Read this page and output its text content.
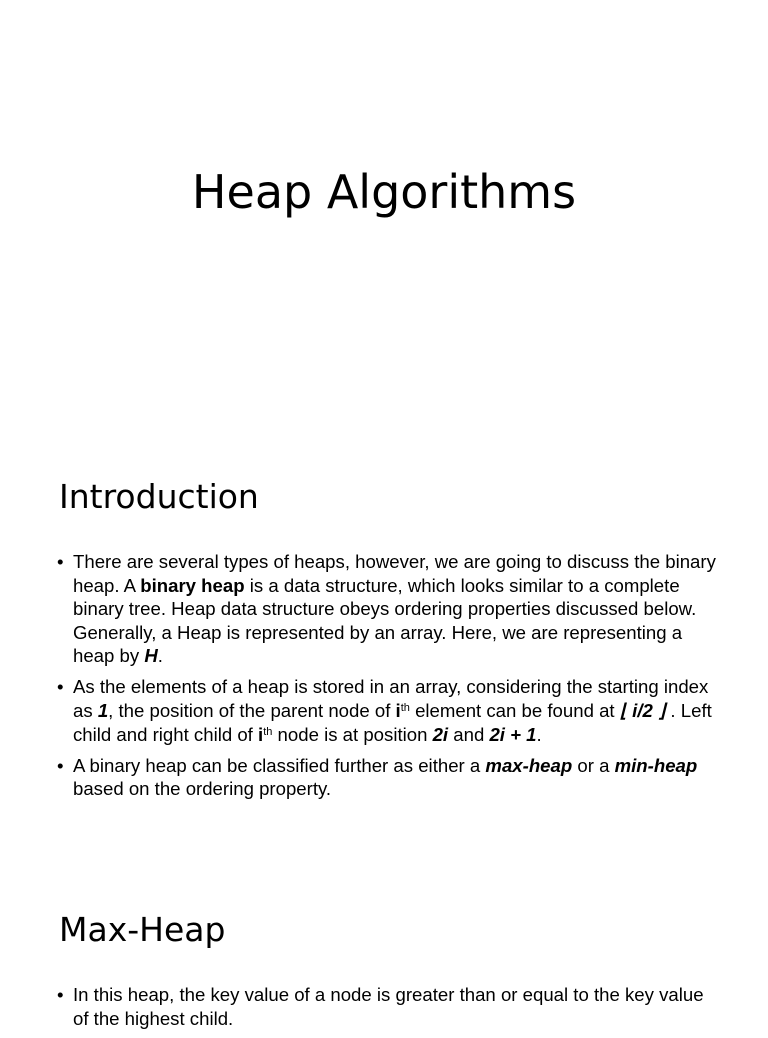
Heap Algorithms
Introduction
• There are several types of heaps, however, we are going to discuss the binary heap. A binary heap is a data structure, which looks similar to a complete binary tree. Heap data structure obeys ordering properties discussed below. Generally, a Heap is represented by an array. Here, we are representing a heap by H.
• As the elements of a heap is stored in an array, considering the starting index as 1, the position of the parent node of $i^{th}$ element can be found at ⌊ i/2 ⌋ . Left child and right child of $i^{th}$ node is at position 2i and 2i + 1.
• A binary heap can be classified further as either a max-heap or a min-heap based on the ordering property.
Max-Heap
• In this heap, the key value of a node is greater than or equal to the key value of the highest child.
